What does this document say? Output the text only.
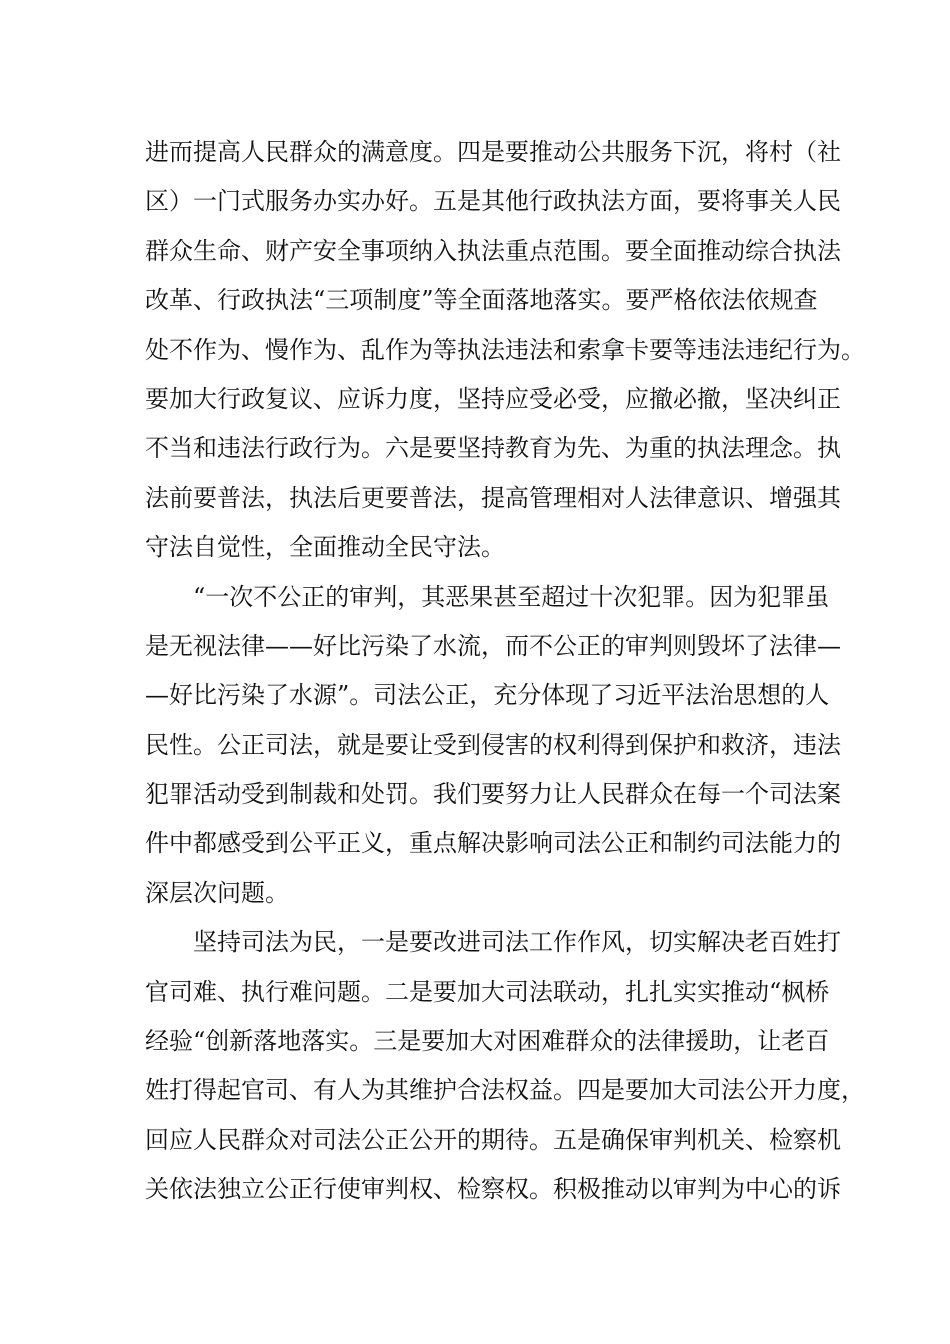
进而提高人民群众的满意度。四是要推动公共服务下沉，将村（社
区）一门式服务办实办好。五是其他行政执法方面，要将事关人民
群众生命、财产安全事项纳入执法重点范围。要全面推动综合执法
改革、行政执法“三项制度”等全面落地落实。要严格依法依规查
处不作为、慢作为、乱作为等执法违法和索拿卡要等违法违纪行为。
要加大行政复议、应诉力度，坚持应受必受，应撤必撤，坚决纠正
不当和违法行政行为。六是要坚持教育为先、为重的执法理念。执
法前要普法，执法后更要普法，提高管理相对人法律意识、增强其
守法自觉性，全面推动全民守法。
“一次不公正的审判，其恶果甚至超过十次犯罪。因为犯罪虽
是无视法律——好比污染了水流，而不公正的审判则毁坏了法律—
—好比污染了水源”。司法公正，充分体现了习近平法治思想的人
民性。公正司法，就是要让受到侵害的权利得到保护和救济，违法
犯罪活动受到制裁和处罚。我们要努力让人民群众在每一个司法案
件中都感受到公平正义，重点解决影响司法公正和制约司法能力的
深层次问题。
坚持司法为民，一是要改进司法工作作风，切实解决老百姓打
官司难、执行难问题。二是要加大司法联动，扎扎实实推动“枫桥
经验“创新落地落实。三是要加大对困难群众的法律援助，让老百
姓打得起官司、有人为其维护合法权益。四是要加大司法公开力度，
回应人民群众对司法公正公开的期待。五是确保审判机关、检察机
关依法独立公正行使审判权、检察权。积极推动以审判为中心的诉
